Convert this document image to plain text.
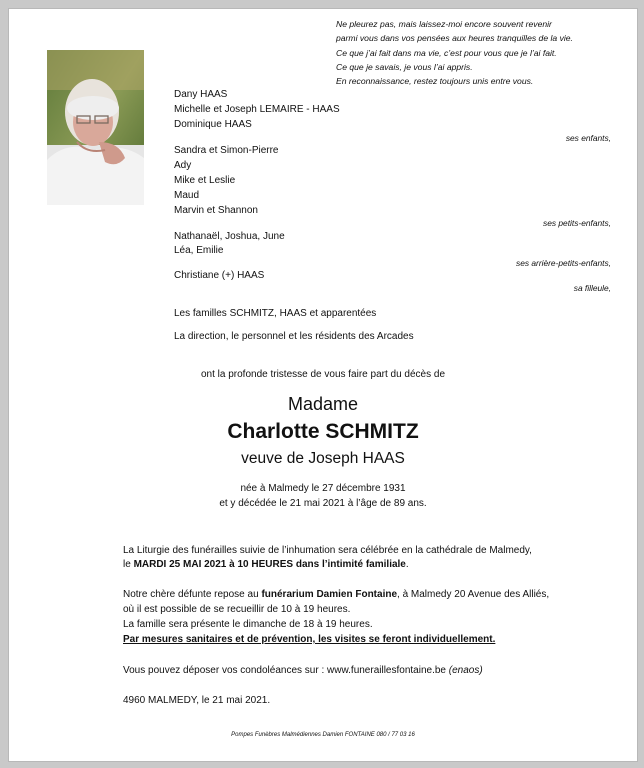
Ne pleurez pas, mais laissez-moi encore souvent revenir
parmi vous dans vos pensées aux heures tranquilles de la vie.
Ce que j’ai fait dans ma vie, c’est pour vous que je l’ai fait.
Ce que je savais, je vous l’ai appris.
En reconnaissance, restez toujours unis entre vous.
Dany HAAS
Michelle et Joseph LEMAIRE - HAAS
Dominique HAAS
ses enfants,
Sandra et Simon-Pierre
Ady
Mike et Leslie
Maud
Marvin et Shannon
ses petits-enfants,
Nathanaël, Joshua, June
Léa, Emilie
ses arrière-petits-enfants,
Christiane (+) HAAS
sa filleule,
Les familles SCHMITZ, HAAS et apparentées
La direction, le personnel et les résidents des Arcades
ont la profonde tristesse de vous faire part du décès de
Madame
Charlotte SCHMITZ
veuve de Joseph HAAS
née à Malmedy le 27 décembre 1931
et y décédée le 21 mai 2021 à l’âge de 89 ans.
La Liturgie des funérailles suivie de l’inhumation sera célébrée en la cathédrale de Malmedy,
le MARDI 25 MAI 2021 à 10 HEURES dans l’intimité familiale.
Notre chère défunte repose au funérarium Damien Fontaine, à Malmedy 20 Avenue des Alliés,
où il est possible de se recueillir de 10 à 19 heures.
La famille sera présente le dimanche de 18 à 19 heures.
Par mesures sanitaires et de prévention, les visites se feront individuellement.
Vous pouvez déposer vos condoléances sur : www.funeraillesfontaine.be (enaos)
4960 MALMEDY, le 21 mai 2021.
Pompes Funèbres Malmédiennes Damien FONTAINE 080 / 77 03 16
